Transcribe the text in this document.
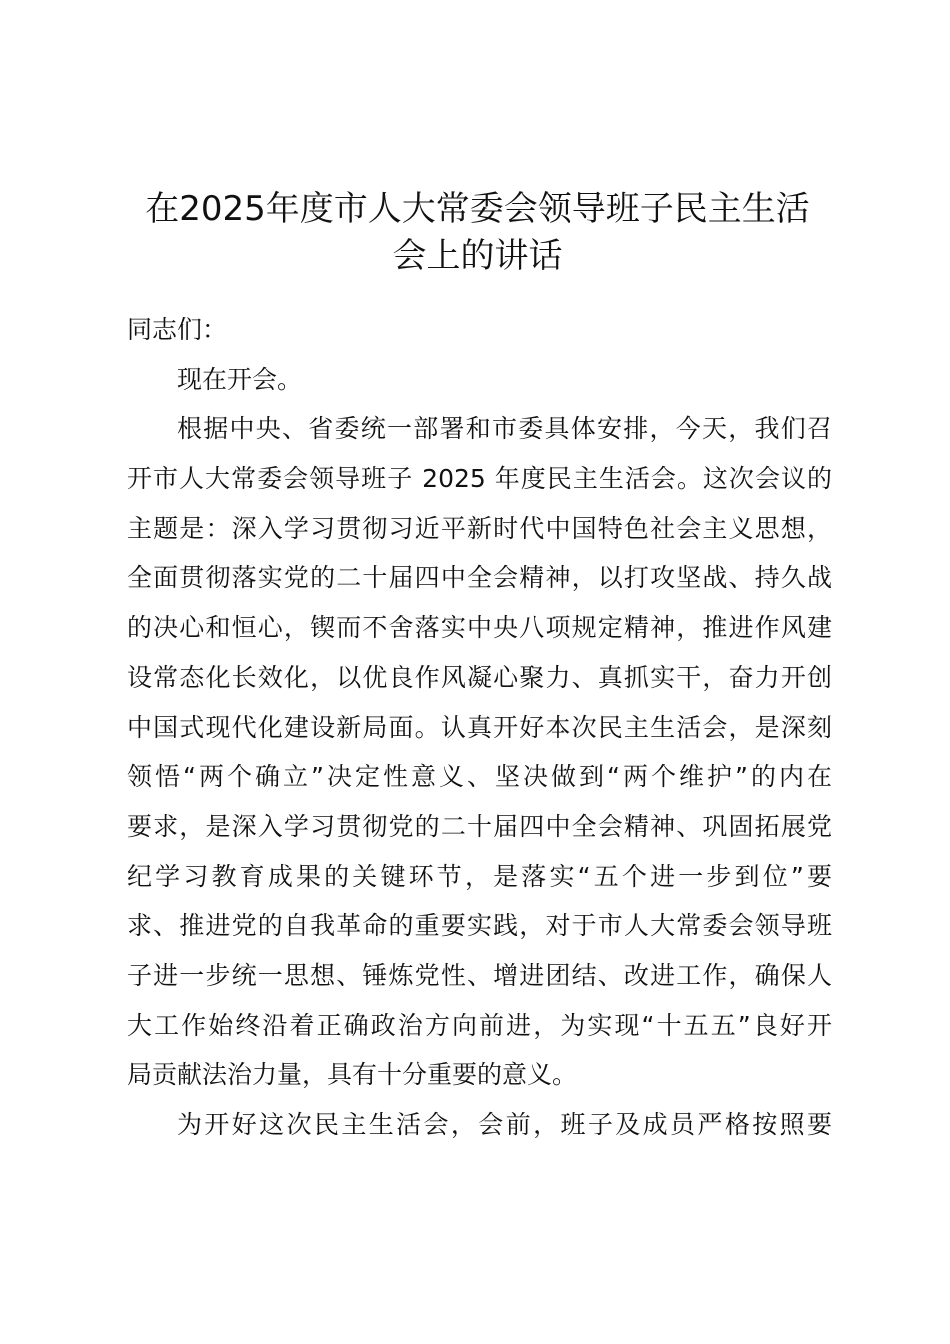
在2025年度市人大常委会领导班子民主生活
会上的讲话
同志们：
现在开会。
根据中央、省委统一部署和市委具体安排，今天，我们召
开市人大常委会领导班子 2025 年度民主生活会。这次会议的
主题是：深入学习贯彻习近平新时代中国特色社会主义思想，
全面贯彻落实党的二十届四中全会精神，以打攻坚战、持久战
的决心和恒心，锲而不舍落实中央八项规定精神，推进作风建
设常态化长效化，以优良作风凝心聚力、真抓实干，奋力开创
中国式现代化建设新局面。认真开好本次民主生活会，是深刻
领悟“两个确立”决定性意义、坚决做到“两个维护”的内在
要求，是深入学习贯彻党的二十届四中全会精神、巩固拓展党
纪学习教育成果的关键环节，是落实“五个进一步到位”要
求、推进党的自我革命的重要实践，对于市人大常委会领导班
子进一步统一思想、锤炼党性、增进团结、改进工作，确保人
大工作始终沿着正确政治方向前进，为实现“十五五”良好开
局贡献法治力量，具有十分重要的意义。
为开好这次民主生活会，会前，班子及成员严格按照要
